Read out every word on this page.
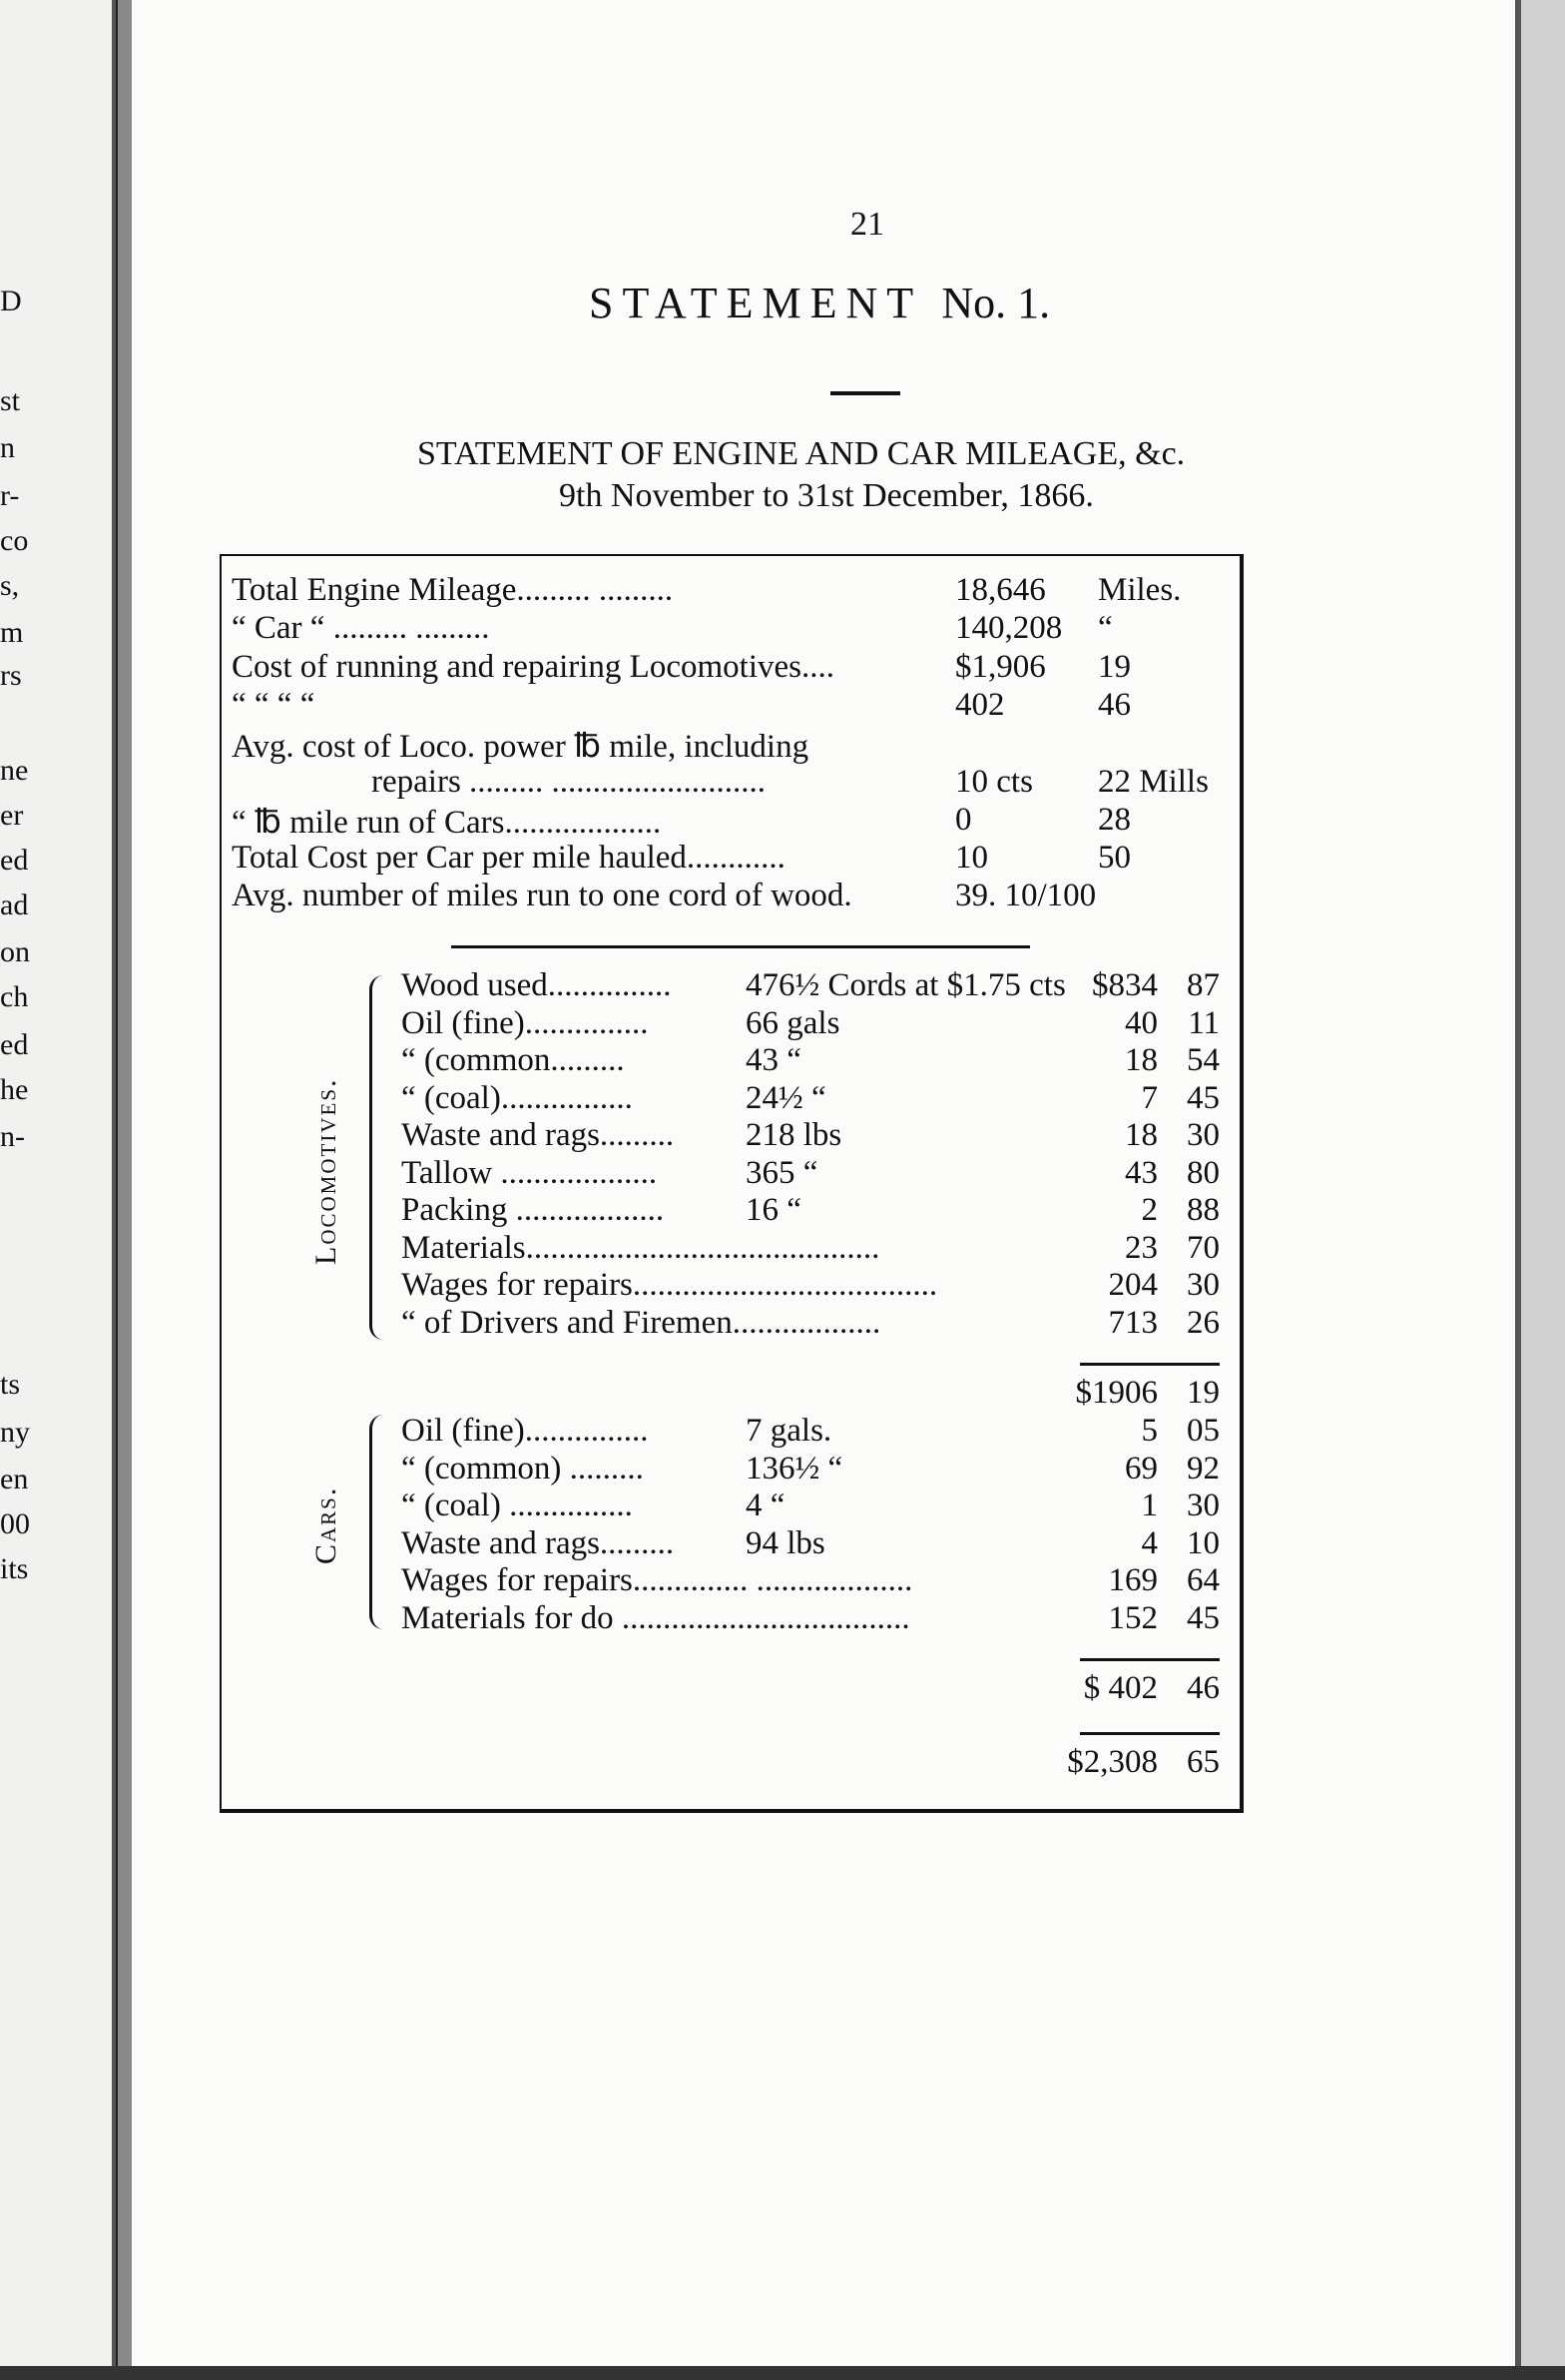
D
st
n
r-
co
s,
m
rs
ne
er
ed
ad
on
ch
ed
he
n-
ts
ny
en
00
its
21
STATEMENT No. 1.
STATEMENT OF ENGINE AND CAR MILEAGE, &c.
9th November to 31st December, 1866.
Total Engine Mileage......... .........	18,646 Miles.
“ Car “ ......... .........	140,208 “
Cost of running and repairing Locomotives....	$1,906 19
“ “ “ “	402	46
Avg. cost of Loco. power ℔ mile, including
repairs ......... ..........................	10 cts 22 Mills
“ ℔ mile run of Cars...................	0	28
Total Cost per Car per mile hauled............	10	50
Avg. number of miles run to one cord of wood.	39. 10/100
Locomotives.
Wood used............... 476½ Cords at $1.75 cts $834 87
Oil (fine)...............	66 gals	40 11
“ (common.........	43 “	18 54
“ (coal)................	24½ “	7 45
Waste and rags......... 218 lbs	18 30
Tallow ...................	365 “	43 80
Packing .................. 16 “	2 88
Materials...........................................	23 70
Wages for repairs.....................................	204 30
“ of Drivers and Firemen..................	713 26
$1906 19
Cars.
Oil (fine)...............	7 gals.	5 05
“ (common) .........	136½ “	69 92
“ (coal) ...............	4 “	1 30
Waste and rags......... 94 lbs	4 10
Wages for repairs.............. ...................	169 64
Materials for do ...................................	152 45
$ 402 46
$2,308 65
